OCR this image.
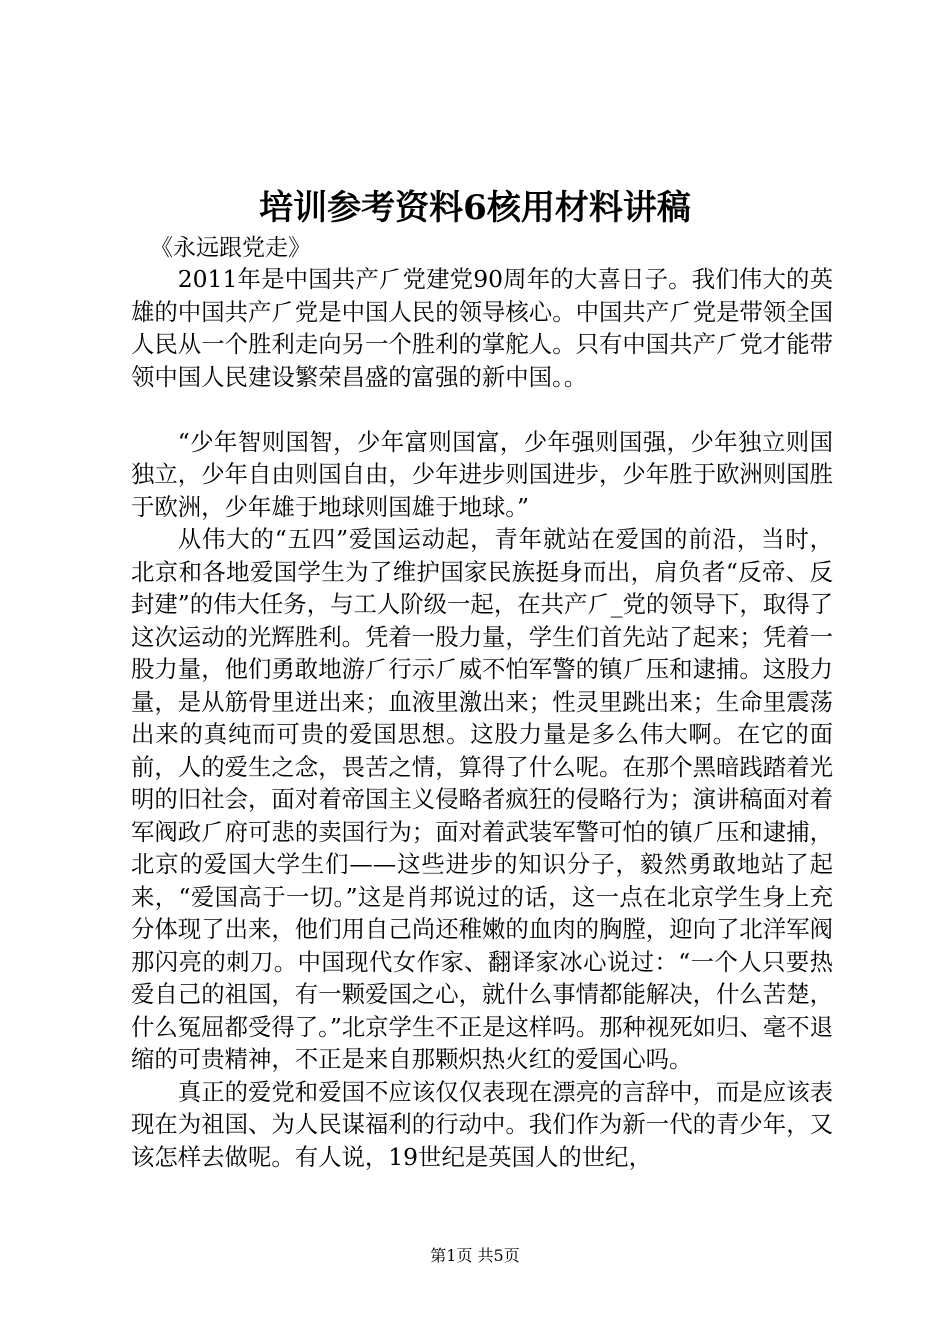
培训参考资料6核用材料讲稿
《永远跟党走》

2011年是中国共产⺁党建党90周年的大喜日子。我们伟大的英雄的中国共产⺁党是中国人民的领导核心。中国共产⺁党是带领全国人民从一个胜利走向另一个胜利的掌舵人。只有中国共产⺁党才能带领中国人民建设繁荣昌盛的富强的新中国。。

“少年智则国智，少年富则国富，少年强则国强，少年独立则国独立，少年自由则国自由，少年进步则国进步，少年胜于欧洲则国胜于欧洲，少年雄于地球则国雄于地球。”

从伟大的“五四”爱国运动起，青年就站在爱国的前沿，当时，北京和各地爱国学生为了维护国家民族挺身而出，肩负者“反帝、反封建”的伟大任务，与工人阶级一起，在共产⺁_党的领导下，取得了这次运动的光辉胜利。凭着一股力量，学生们首先站了起来；凭着一股力量，他们勇敢地游⺁行示⺁威不怕军警的镇⺁压和逮捕。这股力量，是从筋骨里迸出来；血液里激出来；性灵里跳出来；生命里震荡出来的真纯而可贵的爱国思想。这股力量是多么伟大啊。在它的面前，人的爱生之念，畏苦之情，算得了什么呢。在那个黑暗践踏着光明的旧社会，面对着帝国主义侵略者疯狂的侵略行为；演讲稿面对着军阀政⺁府可悲的卖国行为；面对着武装军警可怕的镇⺁压和逮捕，北京的爱国大学生们——这些进步的知识分子，毅然勇敢地站了起来，“爱国高于一切。”这是肖邦说过的话，这一点在北京学生身上充分体现了出来，他们用自己尚还稚嫩的血肉的胸膛，迎向了北洋军阀那闪亮的刺刀。中国现代女作家、翻译家冰心说过：“一个人只要热爱自己的祖国，有一颗爱国之心，就什么事情都能解决，什么苦楚，什么冤屈都受得了。”北京学生不正是这样吗。那种视死如归、毫不退缩的可贵精神，不正是来自那颗炽热火红的爱国心吗。

真正的爱党和爱国不应该仅仅表现在漂亮的言辞中，而是应该表现在为祖国、为人民谋福利的行动中。我们作为新一代的青少年，又该怎样去做呢。有人说，19世纪是英国人的世纪，

第1页 共5页
